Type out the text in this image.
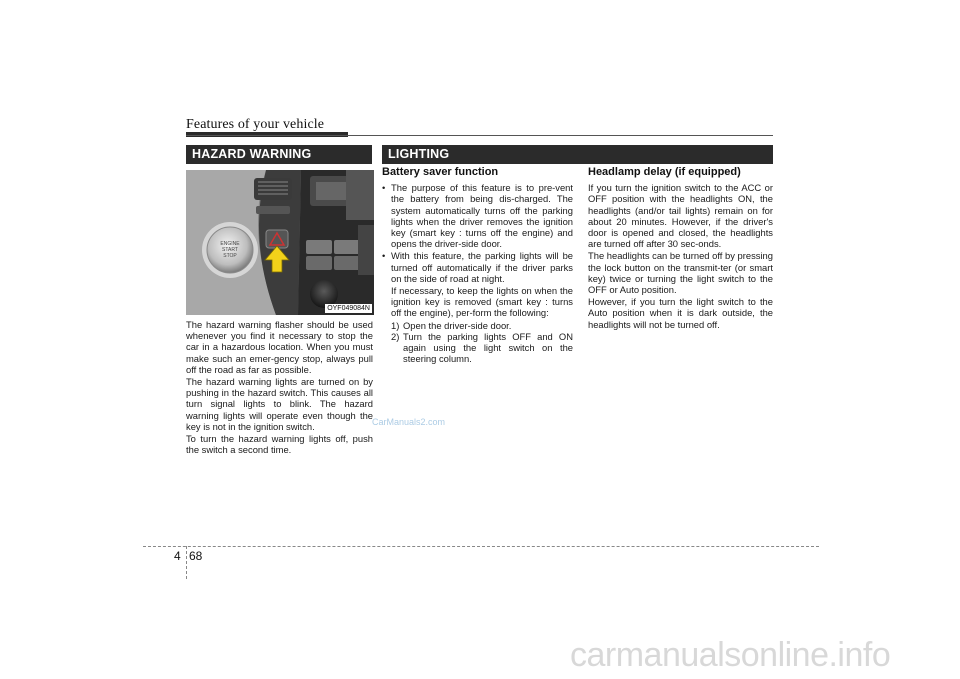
Features of your vehicle
HAZARD WARNING	LIGHTING
ENGINE
START
STOP
OYF049084N

The hazard warning flasher should be used whenever you find it necessary to stop the car in a hazardous location. When you must make such an emer-gency stop, always pull off the road as far as possible.

The hazard warning lights are turned on by pushing in the hazard switch. This causes all turn signal lights to blink. The hazard warning lights will operate even though the key is not in the ignition switch.

To turn the hazard warning lights off, push the switch a second time.

Battery saver function
• The purpose of this feature is to pre-vent the battery from being dis-charged. The system automatically turns off the parking lights when the driver removes the ignition key (smart key : turns off the engine) and opens the driver-side door.
• With this feature, the parking lights will be turned off automatically if the driver parks on the side of road at night.

If necessary, to keep the lights on when the ignition key is removed (smart key : turns off the engine), per-form the following:

1) Open the driver-side door.
2) Turn the parking lights OFF and ON again using the light switch on the steering column.
Headlamp delay (if equipped)

If you turn the ignition switch to the ACC or OFF position with the headlights ON, the headlights (and/or tail lights) remain on for about 20 minutes. However, if the driver's door is opened and closed, the headlights are turned off after 30 sec-onds.

The headlights can be turned off by pressing the lock button on the transmit-ter (or smart key) twice or turning the light switch to the OFF or Auto position.

However, if you turn the light switch to the Auto position when it is dark outside, the headlights will not be turned off.

CarManuals2.com
carmanualsonline.info
4 68
